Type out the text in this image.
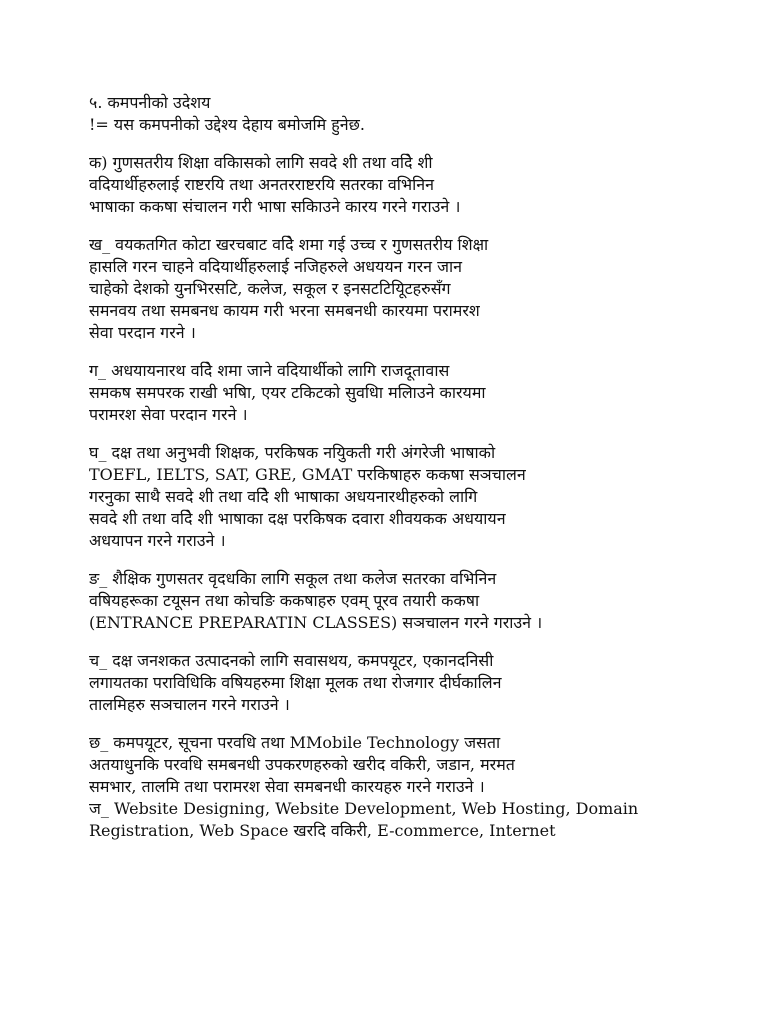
५. कमपनीको उदेशय
!= यस कमपनीको उद्देश्य देहाय बमोजमि हुनेछ.
क) गुणसतरीय शिक्षा वकिासको लागि सवदे शी तथा वदिे शी
वदियार्थीहरुलाई राष्टरयि तथा अनतरराष्टरयि सतरका वभिनिन
भाषाका ककषा संचालन गरी भाषा सकिाउने कारय गरने गराउने ।
ख_ वयकतगित कोटा खरचबाट वदिे शमा गई उच्च र गुणसतरीय शिक्षा
हासलि गरन चाहने वदियार्थीहरुलाई नजिहरुले अधययन गरन जान
चाहेको देशको युनभिरसटि, कलेज, सकूल र इनसटटियिूटहरुसँग
समनवय तथा समबनध कायम गरी भरना समबनधी कारयमा परामरश
सेवा परदान गरने ।
ग_ अधयायनारथ वदिे शमा जाने वदियार्थीको लागि राजदूतावास
समकष समपरक राखी भषिा, एयर टकिटको सुवधिा मलिाउने कारयमा
परामरश सेवा परदान गरने ।
घ_ दक्ष तथा अनुभवी शिक्षक, परकिषक नयिुकती गरी अंगरेजी भाषाको
TOEFL, IELTS, SAT, GRE, GMAT परकिषाहरु ककषा सञचालन
गरनुका साथै सवदे शी तथा वदिे शी भाषाका अधयनारथीहरुको लागि
सवदे शी तथा वदिे शी भाषाका दक्ष परकिषक दवारा शीवयकक अधयायन
अधयापन गरने गराउने ।
ङ_ शैक्षिक गुणसतर वृदधकिा लागि सकूल तथा कलेज सतरका वभिनिन
वषियहरूका टयूसन तथा कोचङि ककषाहरु एवम् पूरव तयारी ककषा
(ENTRANCE PREPARATIN CLASSES) सञचालन गरने गराउने ।
च_ दक्ष जनशकत उत्पादनको लागि सवासथय, कमपयूटर, एकानदनिसी
लगायतका पराविधिकि वषियहरुमा शिक्षा मूलक तथा रोजगार दीर्घकालिन
तालमिहरु सञचालन गरने गराउने ।
छ_ कमपयूटर, सूचना परवधि तथा MMobile Technology जसता
अतयाधुनकि परवधि समबनधी उपकरणहरुको खरीद वकिरी, जडान, मरमत
समभार, तालमि तथा परामरश सेवा समबनधी कारयहरु गरने गराउने ।
ज_ Website Designing, Website Development, Web Hosting, Domain
Registration, Web Space खरदि वकिरी, E-commerce, Internet
